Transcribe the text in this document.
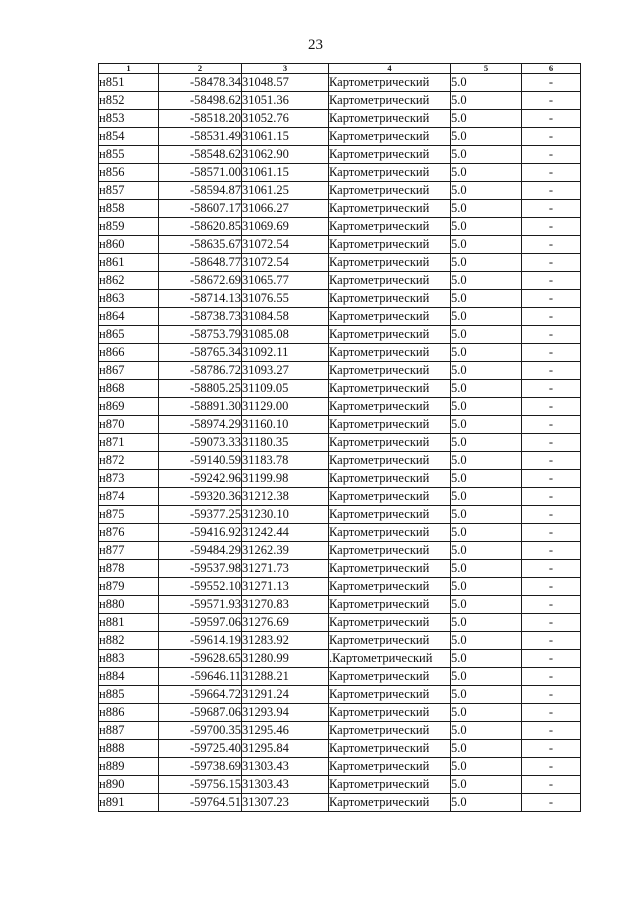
23
1	2	3	4	5	6
н851	-58478.34	31048.57	Картометрический	5.0	-
н852	-58498.62	31051.36	Картометрический	5.0	-
н853	-58518.20	31052.76	Картометрический	5.0	-
н854	-58531.49	31061.15	Картометрический	5.0	-
н855	-58548.62	31062.90	Картометрический	5.0	-
н856	-58571.00	31061.15	Картометрический	5.0	-
н857	-58594.87	31061.25	Картометрический	5.0	-
н858	-58607.17	31066.27	Картометрический	5.0	-
н859	-58620.85	31069.69	Картометрический	5.0	-
н860	-58635.67	31072.54	Картометрический	5.0	-
н861	-58648.77	31072.54	Картометрический	5.0	-
н862	-58672.69	31065.77	Картометрический	5.0	-
н863	-58714.13	31076.55	Картометрический	5.0	-
н864	-58738.73	31084.58	Картометрический	5.0	-
н865	-58753.79	31085.08	Картометрический	5.0	-
н866	-58765.34	31092.11	Картометрический	5.0	-
н867	-58786.72	31093.27	Картометрический	5.0	-
н868	-58805.25	31109.05	Картометрический	5.0	-
н869	-58891.30	31129.00	Картометрический	5.0	-
н870	-58974.29	31160.10	Картометрический	5.0	-
н871	-59073.33	31180.35	Картометрический	5.0	-
н872	-59140.59	31183.78	Картометрический	5.0	-
н873	-59242.96	31199.98	Картометрический	5.0	-
н874	-59320.36	31212.38	Картометрический	5.0	-
н875	-59377.25	31230.10	Картометрический	5.0	-
н876	-59416.92	31242.44	Картометрический	5.0	-
н877	-59484.29	31262.39	Картометрический	5.0	-
н878	-59537.98	31271.73	Картометрический	5.0	-
н879	-59552.10	31271.13	Картометрический	5.0	-
н880	-59571.93	31270.83	Картометрический	5.0	-
н881	-59597.06	31276.69	Картометрический	5.0	-
н882	-59614.19	31283.92	Картометрический	5.0	-
н883	-59628.65	31280.99	.Картометрический	5.0	-
н884	-59646.11	31288.21	Картометрический	5.0	-
н885	-59664.72	31291.24	Картометрический	5.0	-
н886	-59687.06	31293.94	Картометрический	5.0	-
н887	-59700.35	31295.46	Картометрический	5.0	-
н888	-59725.40	31295.84	Картометрический	5.0	-
н889	-59738.69	31303.43	Картометрический	5.0	-
н890	-59756.15	31303.43	Картометрический	5.0	-
н891	-59764.51	31307.23	Картометрический	5.0	-
